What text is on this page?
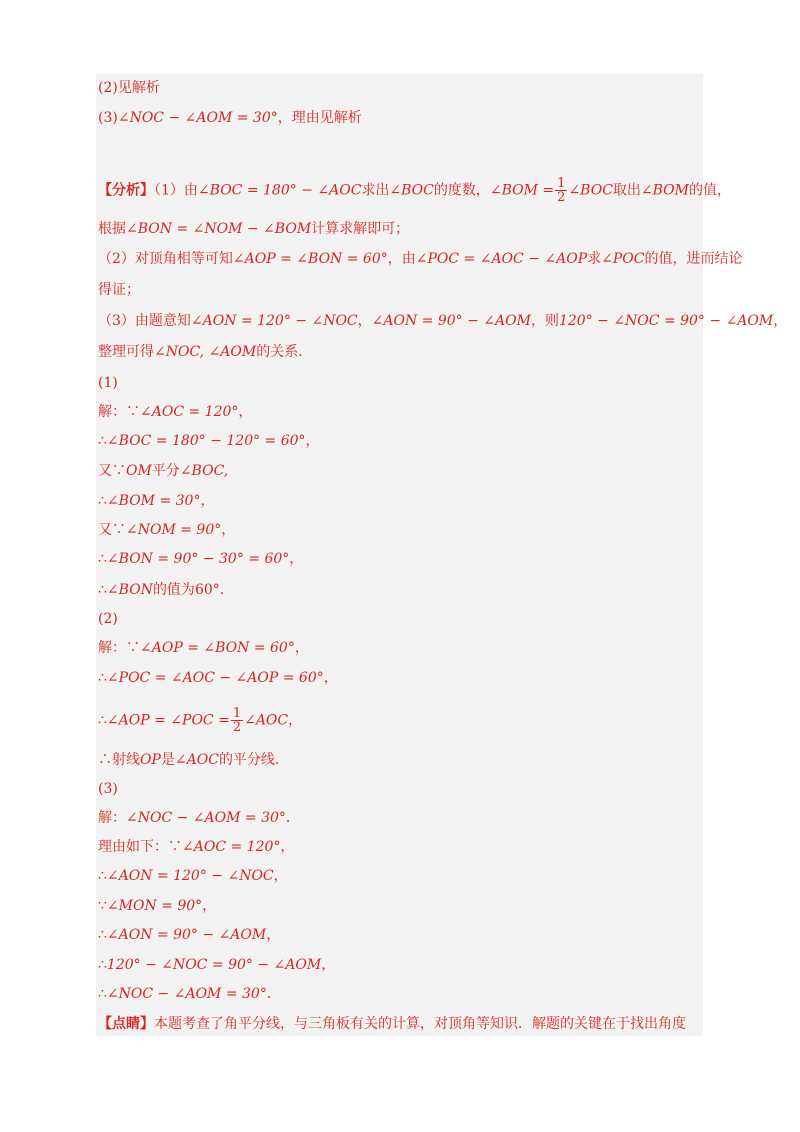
(2)见解析
(3)∠NOC − ∠AOM = 30°，理由见解析
【分析】（1）由∠BOC = 180° − ∠AOC求出∠BOC的度数，∠BOM = $\frac{1}{2}$ ∠BOC取出∠BOM的值，
根据∠BON = ∠NOM − ∠BOM计算求解即可；
（2）对顶角相等可知∠AOP = ∠BON = 60°，由∠POC = ∠AOC − ∠AOP求∠POC的值，进而结论
得证；
（3）由题意知∠AON = 120° − ∠NOC，∠AON = 90° − ∠AOM，则120° − ∠NOC = 90° − ∠AOM，
整理可得∠NOC, ∠AOM的关系．
(1)
解：∵∠AOC = 120°，
∴∠BOC = 180° − 120° = 60°，
又∵OM平分∠BOC,
∴∠BOM = 30°，
又∵∠NOM = 90°，
∴∠BON = 90° − 30° = 60°，
∴∠BON的值为60°.
(2)
解：∵∠AOP = ∠BON = 60°，
∴∠POC = ∠AOC − ∠AOP = 60°，
∴∠AOP = ∠POC = $\frac{1}{2}$ ∠AOC，
∴射线OP是∠AOC的平分线．
(3)
解：∠NOC − ∠AOM = 30°．
理由如下：∵∠AOC = 120°，
∴∠AON = 120° − ∠NOC，
∵∠MON = 90°，
∴∠AON = 90° − ∠AOM，
∴120° − ∠NOC = 90° − ∠AOM，
∴∠NOC − ∠AOM = 30°．
【点睛】本题考查了角平分线，与三角板有关的计算，对顶角等知识．解题的关键在于找出角度
